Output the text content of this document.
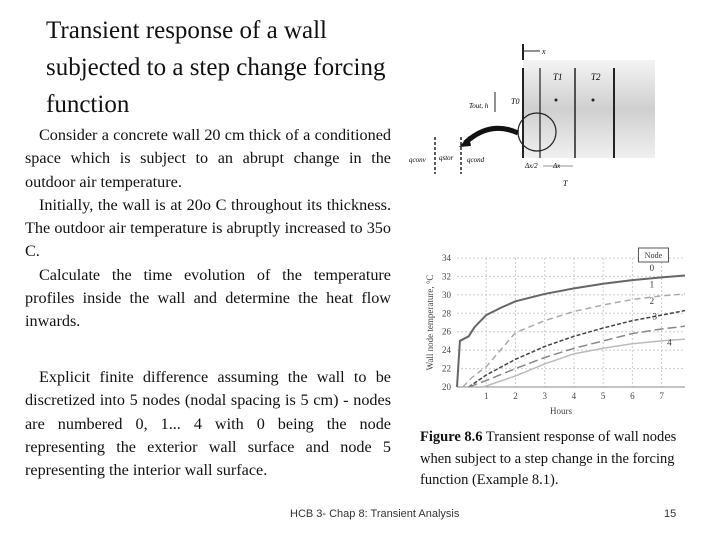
Transient response of a wall subjected to a step change forcing function

Consider a concrete wall 20 cm thick of a conditioned space which is subject to an abrupt change in the outdoor air temperature.

Initially, the wall is at 20o C throughout its thickness. The outdoor air temperature is abruptly increased to 35o C.

Calculate the time evolution of the temperature profiles inside the wall and determine the heat flow inwards.

Explicit finite difference assuming the wall to be discretized into 5 nodes (nodal spacing is 5 cm) - nodes are numbered 0, 1... 4 with 0 being the node representing the exterior wall surface and node 5 representing the interior wall surface.

x
T1	T2
T0
Tout, h
qconv qstor qcond
Δx/2 Δx
T
20
22
24
26
28
30
32
34
1	2	3	4	5	6	7
Hours
Wall node temperature, °C
0
1
2
3
4
Node
Figure 8.6 Transient response of wall nodes when subject to a step change in the forcing function (Example 8.1).
HCB 3- Chap 8: Transient Analysis	15
